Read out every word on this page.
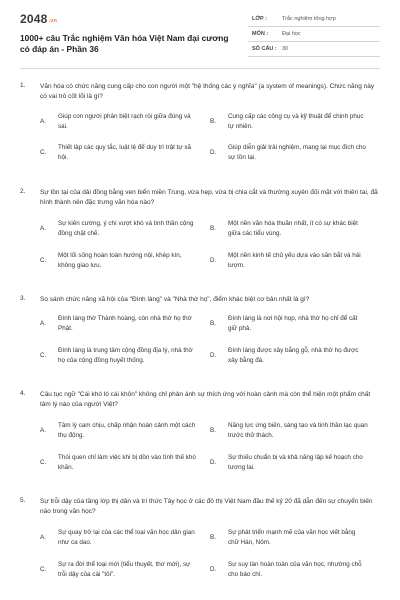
2048.vn
1000+ câu Trắc nghiệm Văn hóa Việt Nam đại cương có đáp án - Phần 36
LỚP :	Trắc nghiệm tổng hợp
MÔN :	Đại học
SỐ CÂU : 30
1. Văn hóa có chức năng cung cấp cho con người một "hệ thống các ý nghĩa" (a system of meanings). Chức năng này có vai trò cốt lõi là gì?
A.
Giúp con người phân biệt rạch ròi giữa đúng và sai.
B.
Cung cấp các công cụ và kỹ thuật để chinh phục tự nhiên.
C.
Thiết lập các quy tắc, luật lệ để duy trì trật tự xã hội.
D.
Giúp diễn giải trải nghiệm, mang lại mục đích cho sự tồn tại.
2. Sự tồn tại của dải đồng bằng ven biển miền Trung, vừa hẹp, vừa bị chia cắt và thường xuyên đối mặt với thiên tai, đã hình thành nên đặc trưng văn hóa nào?
A.
Sự kiên cường, ý chí vượt khó và tinh thần cộng đồng chặt chẽ.
B.
Một nền văn hóa thuần nhất, ít có sự khác biệt giữa các tiểu vùng.
C.
Một lối sống hoàn toàn hướng nội, khép kín, không giao lưu.
D.
Một nền kinh tế chủ yếu dựa vào săn bắt và hái lượm.
3. So sánh chức năng xã hội của "Đình làng" và "Nhà thờ họ", điểm khác biệt cơ bản nhất là gì?
A.
Đình làng thờ Thành hoàng, còn nhà thờ họ thờ Phật.
B.
Đình làng là nơi hội họp, nhà thờ họ chỉ để cất giữ phả.
C.
Đình làng là trung tâm cộng đồng địa lý, nhà thờ họ của cộng đồng huyết thống.
D.
Đình làng được xây bằng gỗ, nhà thờ họ được xây bằng đá.
4. Câu tục ngữ "Cái khó ló cái khôn" không chỉ phản ánh sự thích ứng với hoàn cảnh mà còn thể hiện một phẩm chất tâm lý nào của người Việt?
A.
Tâm lý cam chịu, chấp nhận hoàn cảnh một cách thụ động.
B.
Năng lực ứng biến, sáng tạo và tinh thần lạc quan trước thử thách.
C.
Thói quen chỉ làm việc khi bị dồn vào tình thế khó khăn.
D.
Sự thiếu chuẩn bị và khả năng lập kế hoạch cho tương lai.
5. Sự trỗi dậy của tầng lớp thị dân và trí thức Tây học ở các đô thị Việt Nam đầu thế kỷ 20 đã dẫn đến sự chuyển biến nào trong văn học?
A.
Sự quay trở lại của các thể loại văn học dân gian như ca dao.
B.
Sự phát triển mạnh mẽ của văn học viết bằng chữ Hán, Nôm.
C.
Sự ra đời thể loại mới (tiểu thuyết, thơ mới), sự trỗi dậy của cái "tôi".
D.
Sự suy tàn hoàn toàn của văn học, nhường chỗ cho báo chí.
